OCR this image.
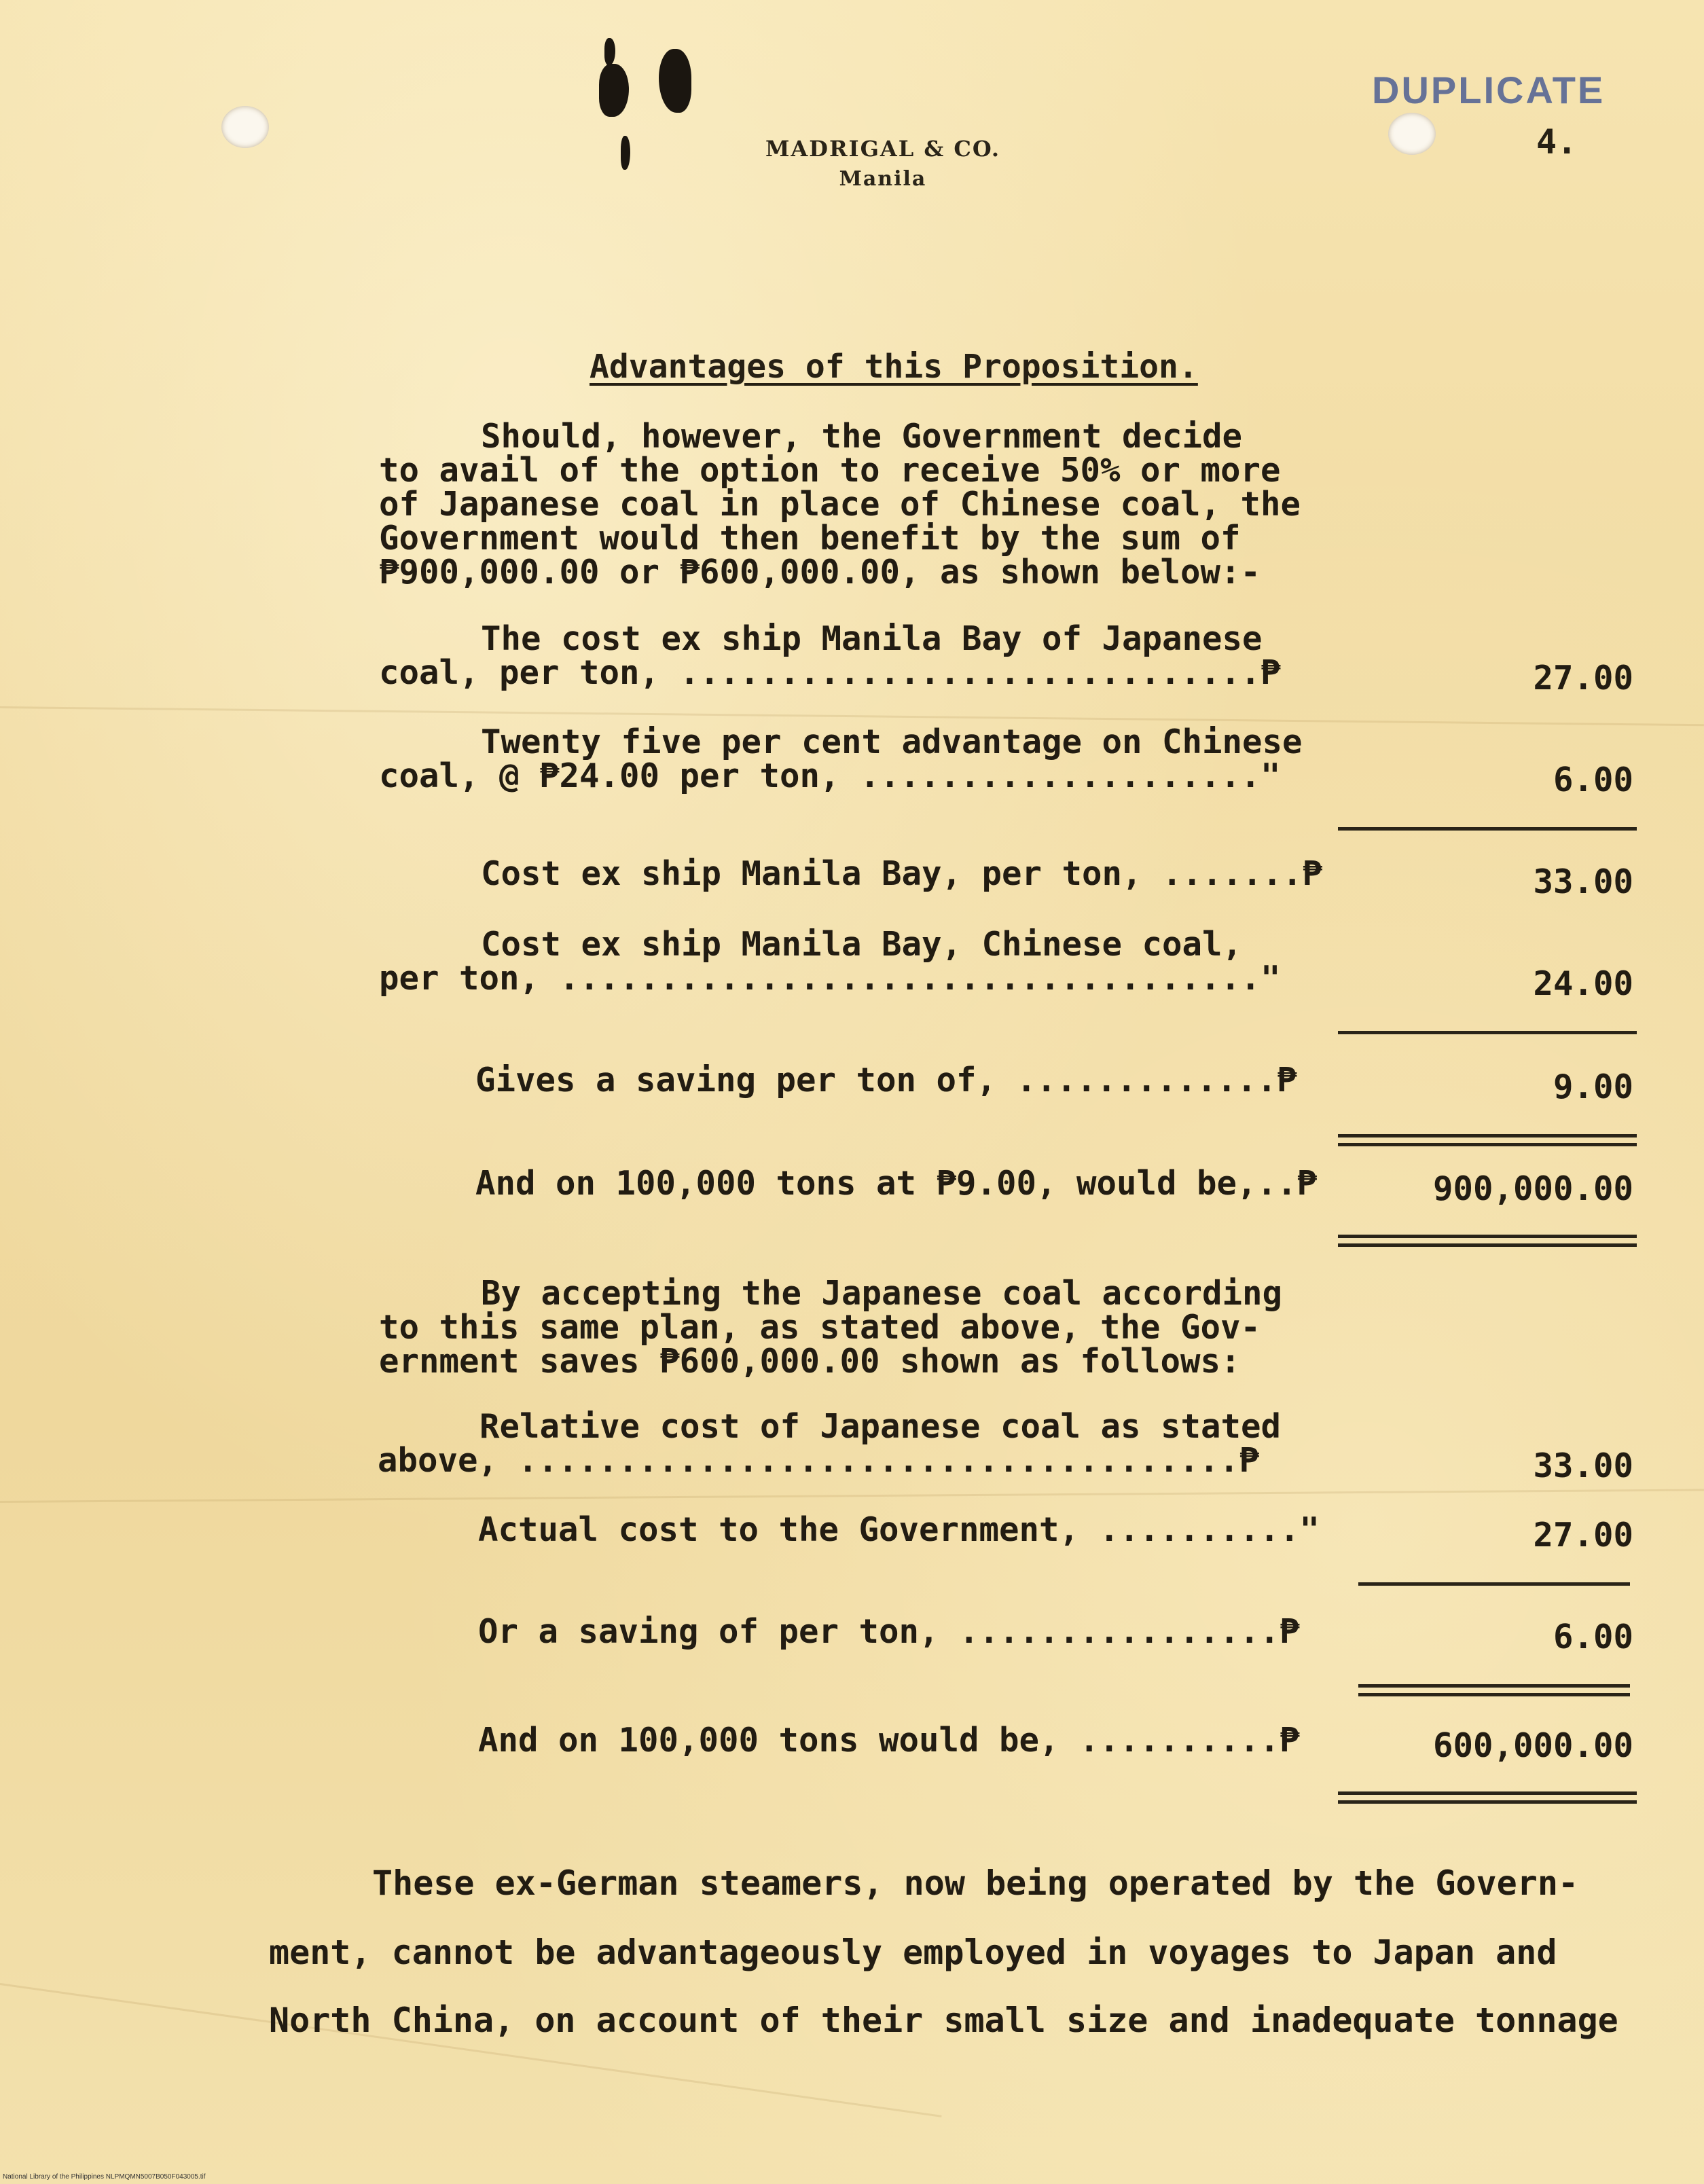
MADRIGAL & CO.
Manila
DUPLICATE
4.
Advantages of this Proposition.
Should, however, the Government decide
to avail of the option to receive 50% or more
of Japanese coal in place of Chinese coal, the
Government would then benefit by the sum of
₱900,000.00 or ₱600,000.00, as shown below:-
The cost ex ship Manila Bay of Japanese
coal, per ton, .............................₱	27.00
Twenty five per cent advantage on Chinese
coal, @ ₱24.00 per ton, ...................."	6.00
Cost ex ship Manila Bay, per ton, .......₱	33.00
Cost ex ship Manila Bay, Chinese coal,
per ton, ..................................."	24.00
Gives a saving per ton of, .............₱	9.00
And on 100,000 tons at ₱9.00, would be,..₱	900,000.00
By accepting the Japanese coal according
to this same plan, as stated above, the Gov-
ernment saves ₱600,000.00 shown as follows:
Relative cost of Japanese coal as stated
above, ....................................₱	33.00
Actual cost to the Government, .........."	27.00
Or a saving of per ton, ................₱	6.00
And on 100,000 tons would be, ..........₱	600,000.00
These ex-German steamers, now being operated by the Govern-
ment, cannot be advantageously employed in voyages to Japan and
North China, on account of their small size and inadequate tonnage
National Library of the Philippines NLPMQMN5007B050F043005.tif
